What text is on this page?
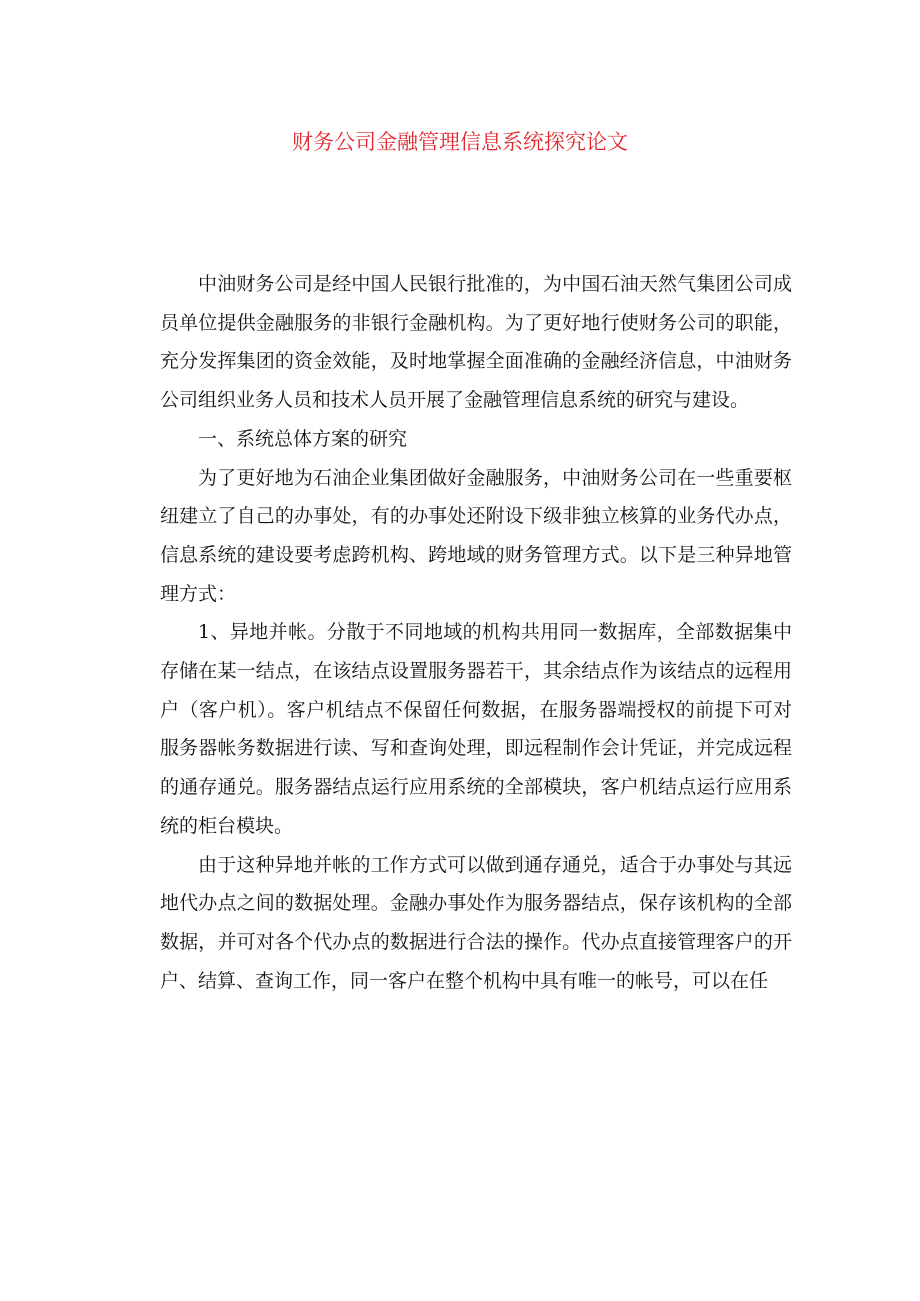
财务公司金融管理信息系统探究论文

中油财务公司是经中国人民银行批准的，为中国石油天然气集团公司成员单位提供金融服务的非银行金融机构。为了更好地行使财务公司的职能，充分发挥集团的资金效能，及时地掌握全面准确的金融经济信息，中油财务公司组织业务人员和技术人员开展了金融管理信息系统的研究与建设。

一、系统总体方案的研究

为了更好地为石油企业集团做好金融服务，中油财务公司在一些重要枢纽建立了自己的办事处，有的办事处还附设下级非独立核算的业务代办点，信息系统的建设要考虑跨机构、跨地域的财务管理方式。以下是三种异地管理方式：

1、异地并帐。分散于不同地域的机构共用同一数据库，全部数据集中存储在某一结点，在该结点设置服务器若干，其余结点作为该结点的远程用户（客户机）。客户机结点不保留任何数据，在服务器端授权的前提下可对服务器帐务数据进行读、写和查询处理，即远程制作会计凭证，并完成远程的通存通兑。服务器结点运行应用系统的全部模块，客户机结点运行应用系统的柜台模块。

由于这种异地并帐的工作方式可以做到通存通兑，适合于办事处与其远地代办点之间的数据处理。金融办事处作为服务器结点，保存该机构的全部数据，并可对各个代办点的数据进行合法的操作。代办点直接管理客户的开户、结算、查询工作，同一客户在整个机构中具有唯一的帐号，可以在任
